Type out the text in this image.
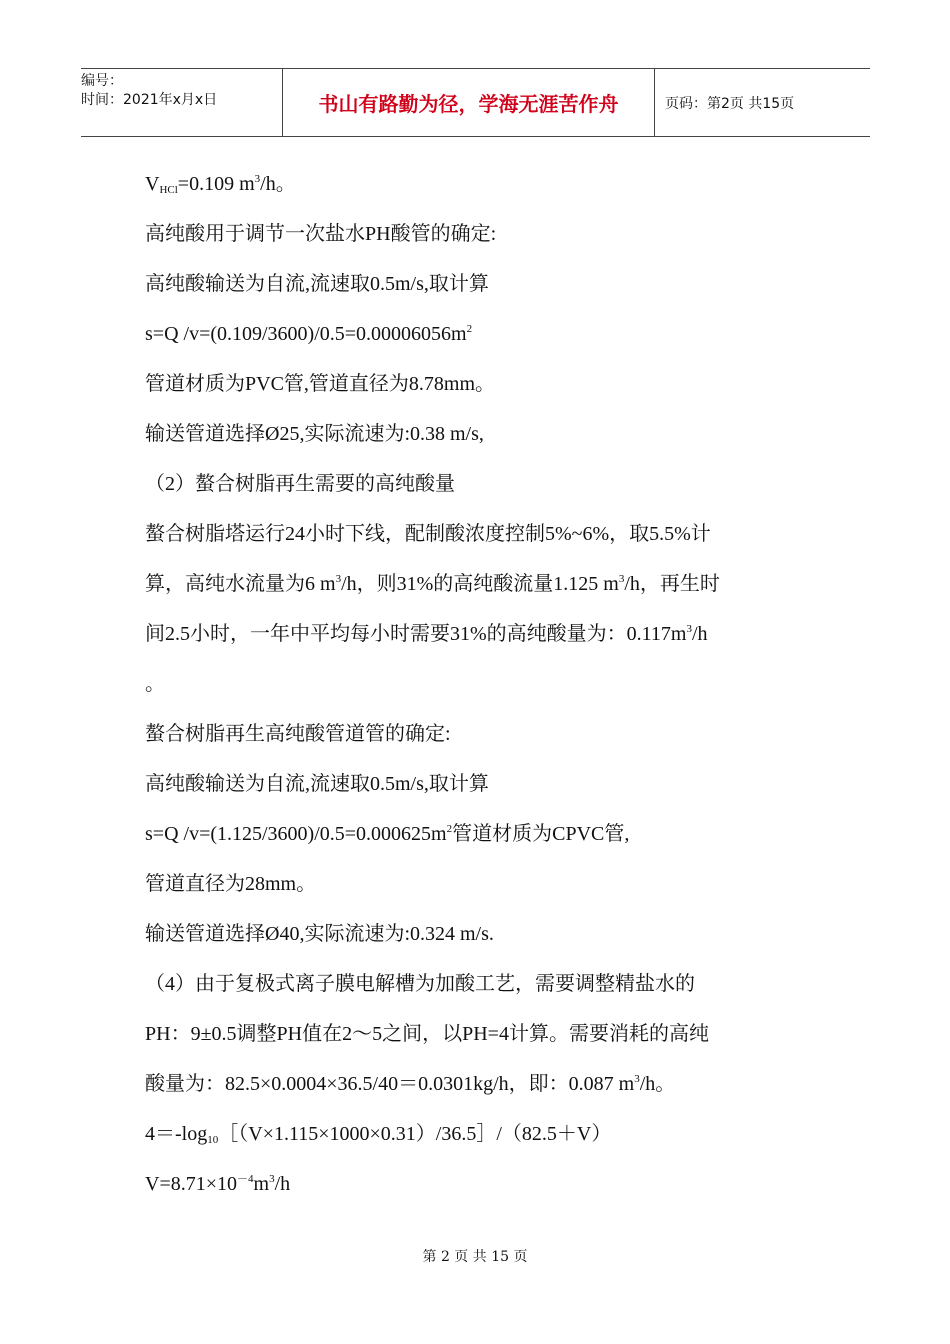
编号：
时间：2021年x月x日	书山有路勤为径，学海无涯苦作舟	页码：第2页 共15页
$V_{HCl}=0.109$ $m^3/h$。
高纯酸用于调节一次盐水PH酸管的确定:
高纯酸输送为自流,流速取0.5m/s,取计算
s=Q $/v=(0.109/3600)/0.5=0.00006056m^2$
管道材质为PVC管,管道直径为8.78mm。
输送管道选择Ø25,实际流速为:0.38 m/s,
（2）螯合树脂再生需要的高纯酸量
螯合树脂塔运行24小时下线，配制酸浓度控制5%~6%，取5.5%计
算，高纯水流量为6 $m^3/h$，则31%的高纯酸流量1.125 $m^3/h$，再生时
间2.5小时，一年中平均每小时需要31%的高纯酸量为：$0.117m^3/h$
。
螯合树脂再生高纯酸管道管的确定:
高纯酸输送为自流,流速取0.5m/s,取计算
s=Q $/v=(1.125/3600)/0.5=0.000625m^2$管道材质为CPVC管,
管道直径为28mm。
输送管道选择Ø40,实际流速为:0.324 m/s.
（4）由于复极式离子膜电解槽为加酸工艺，需要调整精盐水的
PH：9±0.5调整PH值在2～5之间，以PH=4计算。需要消耗的高纯
酸量为：82.5×0.0004×36.5/40＝0.0301kg/h，即：0.087 $m^3/h$。
$4=-\log_{10}[(V\times 1.115\times 1000\times 0.31)/36.5]/(82.5+V)$
$V=8.71\times 10^{-4}m^3/h$
第 2 页 共 15 页
